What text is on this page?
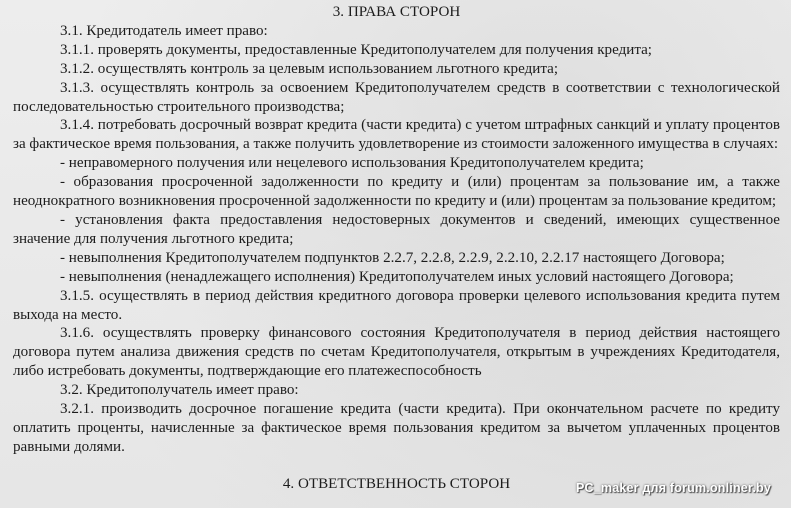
3. ПРАВА СТОРОН

3.1. Кредитодатель имеет право:

3.1.1. проверять документы, предоставленные Кредитополучателем для получения кредита;

3.1.2. осуществлять контроль за целевым использованием льготного кредита;

3.1.3. осуществлять контроль за освоением Кредитополучателем средств в соответствии с технологической последовательностью строительного производства;

3.1.4. потребовать досрочный возврат кредита (части кредита) с учетом штрафных санкций и уплату процентов за фактическое время пользования, а также получить удовлетворение из стоимости заложенного имущества в случаях:

- неправомерного получения или нецелевого использования Кредитополучателем кредита;

- образования просроченной задолженности по кредиту и (или) процентам за пользование им, а также неоднократного возникновения просроченной задолженности по кредиту и (или) процентам за пользование кредитом;

- установления факта предоставления недостоверных документов и сведений, имеющих существенное значение для получения льготного кредита;

- невыполнения Кредитополучателем подпунктов 2.2.7, 2.2.8, 2.2.9, 2.2.10, 2.2.17 настоящего Договора;

- невыполнения (ненадлежащего исполнения) Кредитополучателем иных условий настоящего Договора;

3.1.5. осуществлять в период действия кредитного договора проверки целевого использования кредита путем выхода на место.

3.1.6. осуществлять проверку финансового состояния Кредитополучателя в период действия настоящего договора путем анализа движения средств по счетам Кредитополучателя, открытым в учреждениях Кредитодателя, либо истребовать документы, подтверждающие его платежеспособность

3.2. Кредитополучатель имеет право:

3.2.1. производить досрочное погашение кредита (части кредита). При окончательном расчете по кредиту оплатить проценты, начисленные за фактическое время пользования кредитом за вычетом уплаченных процентов равными долями.

4. ОТВЕТСТВЕННОСТЬ СТОРОН	PC_maker для forum.onliner.by
